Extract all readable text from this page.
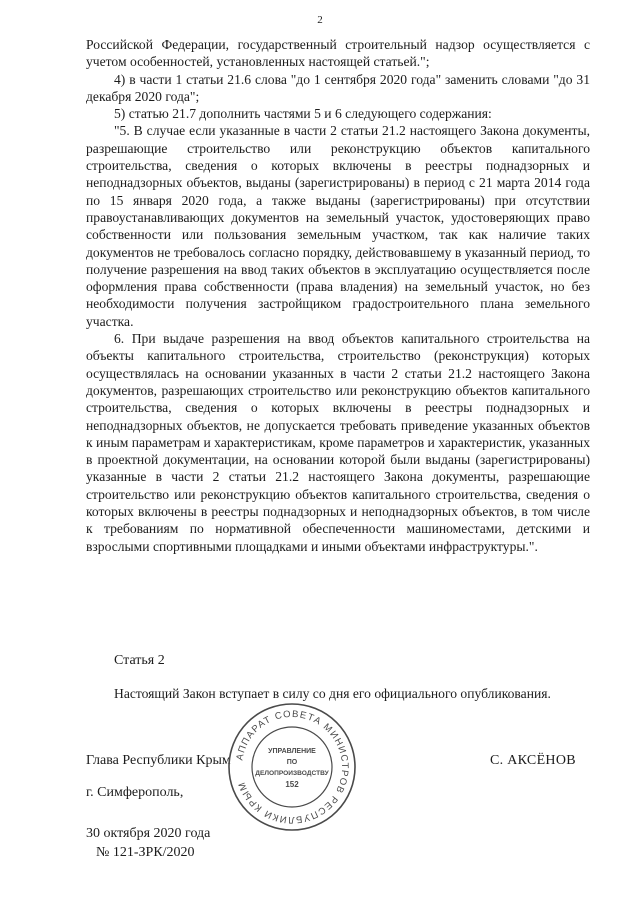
2

Российской Федерации, государственный строительный надзор осуществляется с учетом особенностей, установленных настоящей статьей.";

4) в части 1 статьи 21.6 слова "до 1 сентября 2020 года" заменить словами "до 31 декабря 2020 года";

5) статью 21.7 дополнить частями 5 и 6 следующего содержания:

"5. В случае если указанные в части 2 статьи 21.2 настоящего Закона документы, разрешающие строительство или реконструкцию объектов капитального строительства, сведения о которых включены в реестры поднадзорных и неподнадзорных объектов, выданы (зарегистрированы) в период с 21 марта 2014 года по 15 января 2020 года, а также выданы (зарегистрированы) при отсутствии правоустанавливающих документов на земельный участок, удостоверяющих право собственности или пользования земельным участком, так как наличие таких документов не требовалось согласно порядку, действовавшему в указанный период, то получение разрешения на ввод таких объектов в эксплуатацию осуществляется после оформления права собственности (права владения) на земельный участок, но без необходимости получения застройщиком градостроительного плана земельного участка.

6. При выдаче разрешения на ввод объектов капитального строительства на объекты капитального строительства, строительство (реконструкция) которых осуществлялась на основании указанных в части 2 статьи 21.2 настоящего Закона документов, разрешающих строительство или реконструкцию объектов капитального строительства, сведения о которых включены в реестры поднадзорных и неподнадзорных объектов, не допускается требовать приведение указанных объектов к иным параметрам и характеристикам, кроме параметров и характеристик, указанных в проектной документации, на основании которой были выданы (зарегистрированы) указанные в части 2 статьи 21.2 настоящего Закона документы, разрешающие строительство или реконструкцию объектов капитального строительства, сведения о которых включены в реестры поднадзорных и неподнадзорных объектов, в том числе к требованиям по нормативной обеспеченности машиноместами, детскими и взрослыми спортивными площадками и иными объектами инфраструктуры.".

Статья 2
Настоящий Закон вступает в силу со дня его официального опубликования.
Глава Республики Крым	С. АКСЁНОВ
г. Симферополь,
30 октября 2020 года
№ 121-ЗРК/2020
АППАРАТ СОВЕТА МИНИСТРОВ РЕСПУБЛИКИ КРЫМ
УПРАВЛЕНИЕ
ПО
ДЕЛОПРОИЗВОДСТВУ
152
